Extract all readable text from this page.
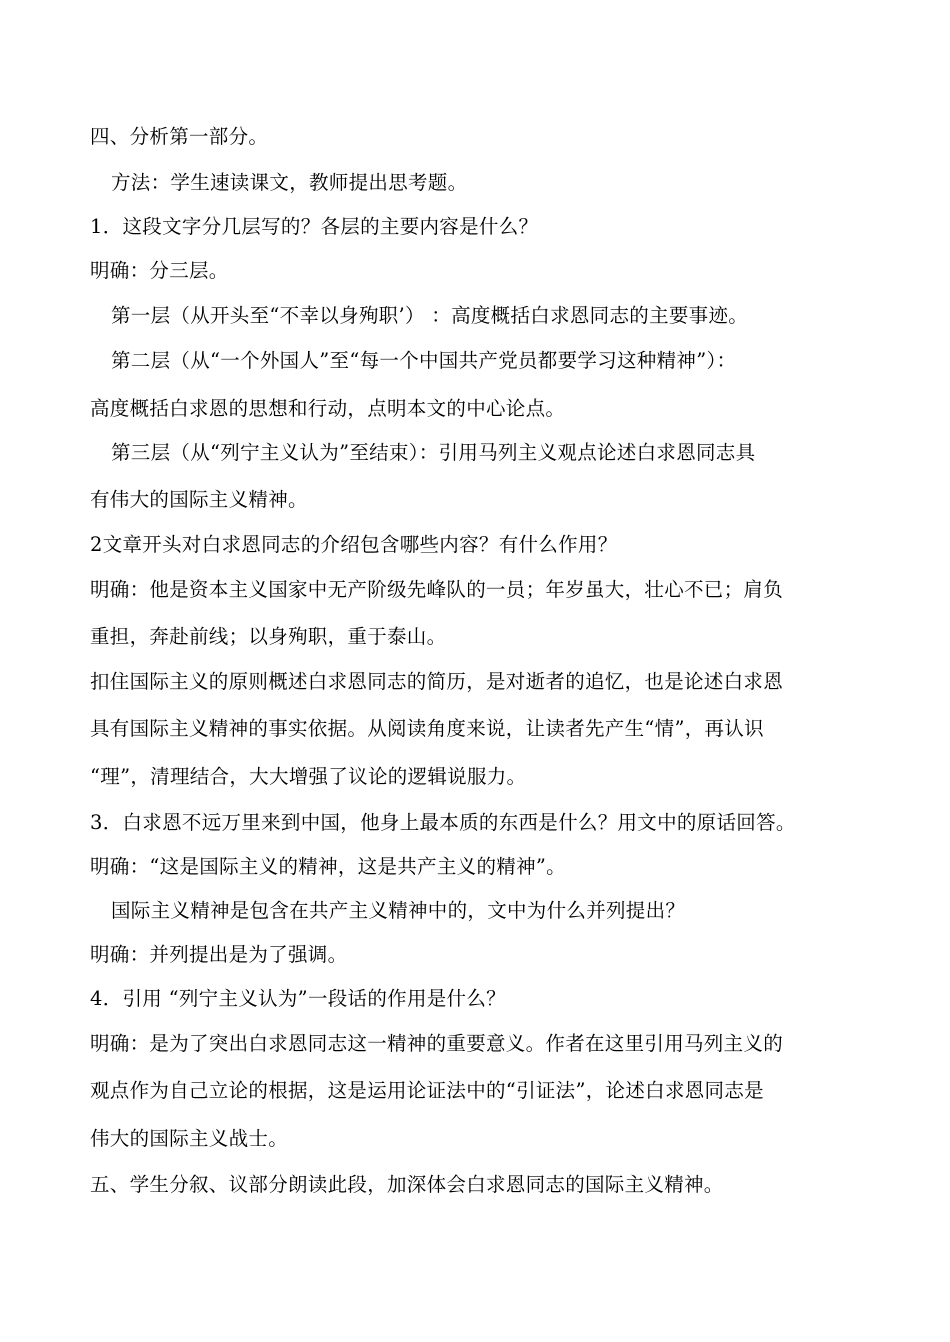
四、分析第一部分。
方法：学生速读课文，教师提出思考题。
1．这段文字分几层写的？各层的主要内容是什么？
明确：分三层。
第一层（从开头至“不幸以身殉职’） ：高度概括白求恩同志的主要事迹。
第二层（从“一个外国人”至“每一个中国共产党员都要学习这种精神”）：
高度概括白求恩的思想和行动，点明本文的中心论点。
第三层（从“列宁主义认为”至结束）：引用马列主义观点论述白求恩同志具
有伟大的国际主义精神。
2文章开头对白求恩同志的介绍包含哪些内容？有什么作用？
明确：他是资本主义国家中无产阶级先峰队的一员；年岁虽大，壮心不已；肩负
重担，奔赴前线；以身殉职，重于泰山。
扣住国际主义的原则概述白求恩同志的简历，是对逝者的追忆，也是论述白求恩
具有国际主义精神的事实依据。从阅读角度来说，让读者先产生“情”，再认识
“理”，清理结合，大大增强了议论的逻辑说服力。
3．白求恩不远万里来到中国，他身上最本质的东西是什么？用文中的原话回答。
明确：“这是国际主义的精神，这是共产主义的精神”。
国际主义精神是包含在共产主义精神中的，文中为什么并列提出？
明确：并列提出是为了强调。
4．引用 “列宁主义认为”一段话的作用是什么？
明确：是为了突出白求恩同志这一精神的重要意义。作者在这里引用马列主义的
观点作为自己立论的根据，这是运用论证法中的“引证法”，论述白求恩同志是
伟大的国际主义战士。
五、学生分叙、议部分朗读此段，加深体会白求恩同志的国际主义精神。
